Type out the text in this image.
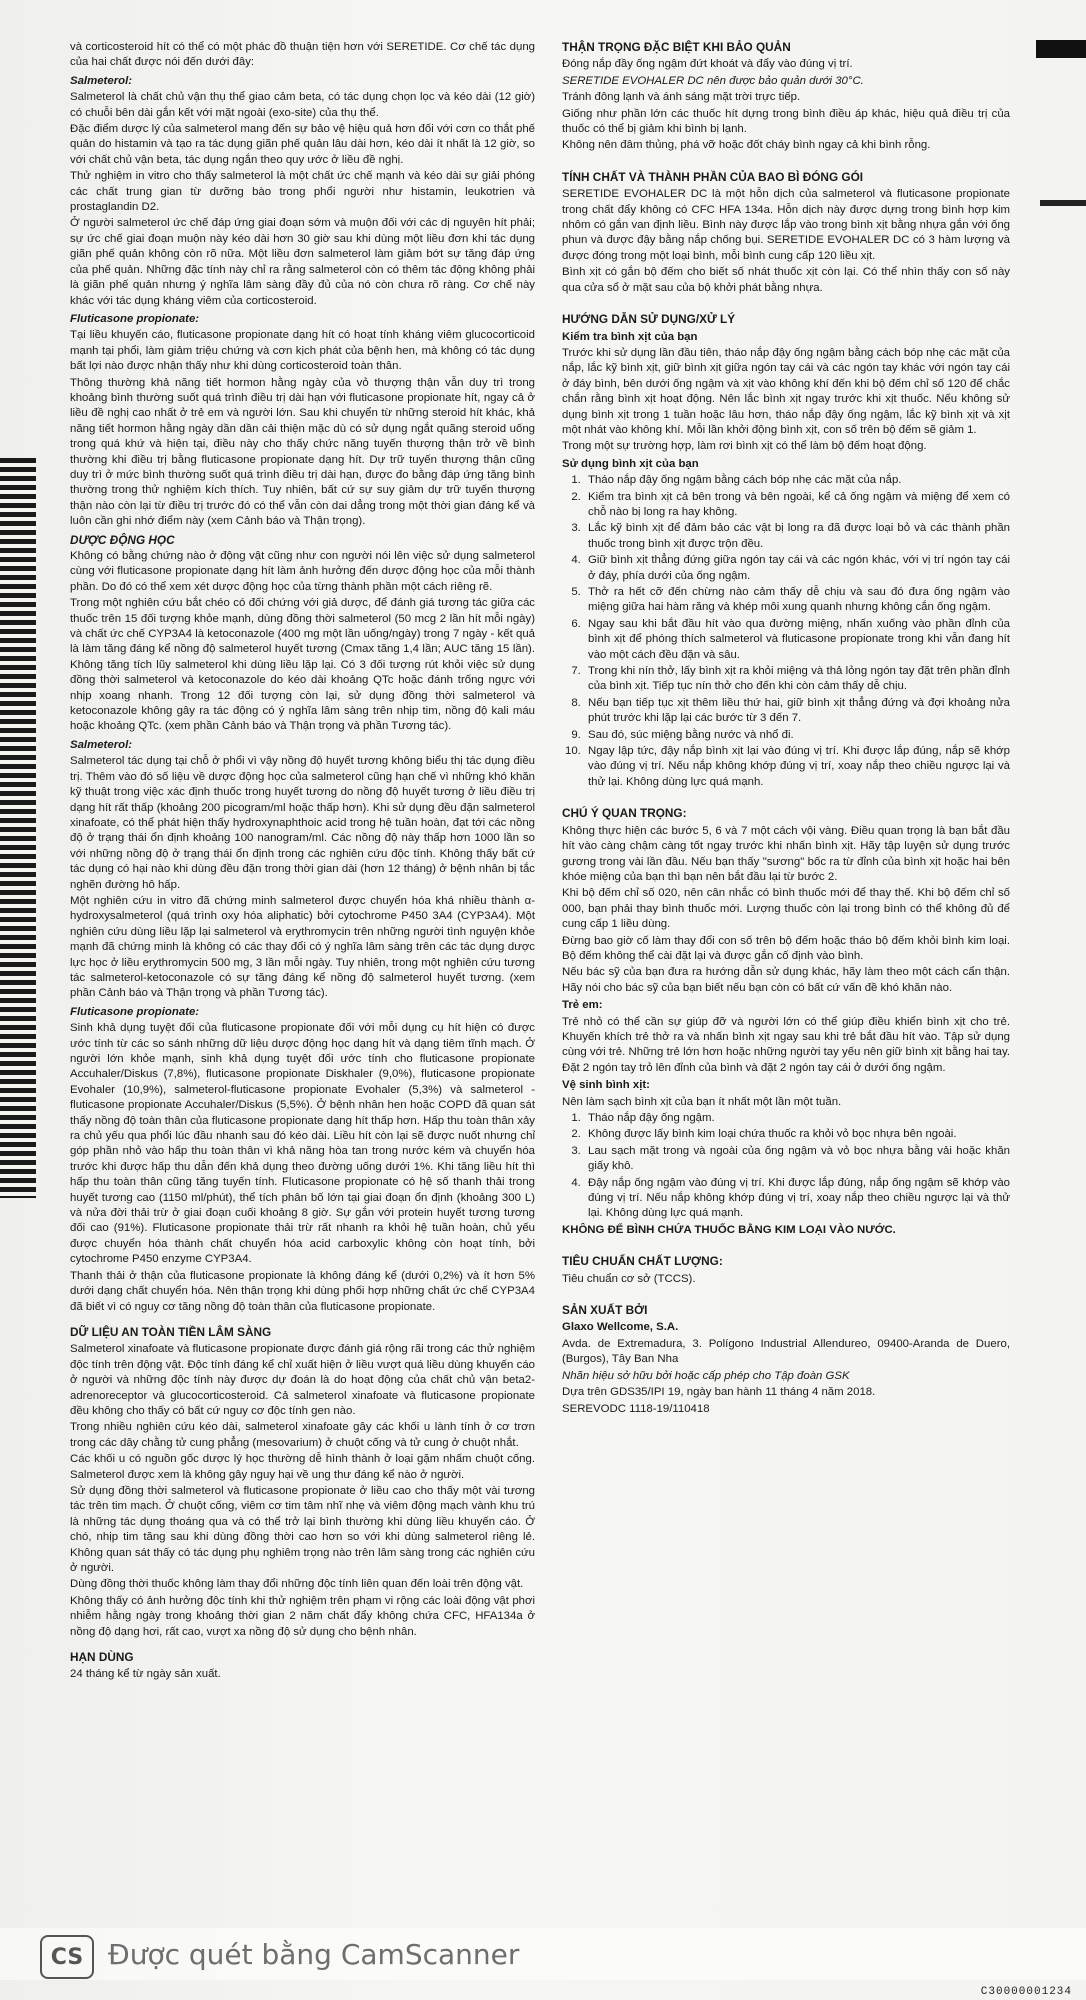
và corticosteroid hít có thể có một phác đồ thuận tiện hơn với SERETIDE. Cơ chế tác dụng của hai chất được nói đến dưới đây:

Salmeterol:

Salmeterol là chất chủ vận thụ thể giao cảm beta, có tác dụng chọn lọc và kéo dài (12 giờ) có chuỗi bên dài gắn kết với mặt ngoài (exo-site) của thụ thể.

Đặc điểm dược lý của salmeterol mang đến sự bảo vệ hiệu quả hơn đối với cơn co thắt phế quản do histamin và tạo ra tác dụng giãn phế quản lâu dài hơn, kéo dài ít nhất là 12 giờ, so với chất chủ vận beta, tác dụng ngắn theo quy ước ở liều đề nghị.

Thử nghiệm in vitro cho thấy salmeterol là một chất ức chế mạnh và kéo dài sự giải phóng các chất trung gian từ dưỡng bào trong phổi người như histamin, leukotrien và prostaglandin D2.

Ở người salmeterol ức chế đáp ứng giai đoạn sớm và muộn đối với các dị nguyên hít phải; sự ức chế giai đoạn muộn này kéo dài hơn 30 giờ sau khi dùng một liều đơn khi tác dụng giãn phế quản không còn rõ nữa. Một liều đơn salmeterol làm giảm bớt sự tăng đáp ứng của phế quản. Những đặc tính này chỉ ra rằng salmeterol còn có thêm tác động không phải là giãn phế quản nhưng ý nghĩa lâm sàng đầy đủ của nó còn chưa rõ ràng. Cơ chế này khác với tác dụng kháng viêm của corticosteroid.

Fluticasone propionate:

Tại liều khuyến cáo, fluticasone propionate dạng hít có hoạt tính kháng viêm glucocorticoid mạnh tại phổi, làm giảm triệu chứng và cơn kịch phát của bệnh hen, mà không có tác dụng bất lợi nào được nhận thấy như khi dùng corticosteroid toàn thân.

Thông thường khả năng tiết hormon hằng ngày của vỏ thượng thận vẫn duy trì trong khoảng bình thường suốt quá trình điều trị dài hạn với fluticasone propionate hít, ngay cả ở liều đề nghị cao nhất ở trẻ em và người lớn. Sau khi chuyển từ những steroid hít khác, khả năng tiết hormon hằng ngày dần dần cải thiện mặc dù có sử dụng ngắt quãng steroid uống trong quá khứ và hiện tại, điều này cho thấy chức năng tuyến thượng thận trở về bình thường khi điều trị bằng fluticasone propionate dạng hít. Dự trữ tuyến thượng thận cũng duy trì ở mức bình thường suốt quá trình điều trị dài hạn, được đo bằng đáp ứng tăng bình thường trong thử nghiệm kích thích. Tuy nhiên, bất cứ sự suy giảm dự trữ tuyến thượng thận nào còn lại từ điều trị trước đó có thể vẫn còn dai dẳng trong một thời gian đáng kể và luôn cần ghi nhớ điểm này (xem Cảnh báo và Thận trọng).

DƯỢC ĐỘNG HỌC

Không có bằng chứng nào ở động vật cũng như con người nói lên việc sử dụng salmeterol cùng với fluticasone propionate dạng hít làm ảnh hưởng đến dược động học của mỗi thành phần. Do đó có thể xem xét dược động học của từng thành phần một cách riêng rẽ.

Trong một nghiên cứu bắt chéo có đối chứng với giả dược, để đánh giá tương tác giữa các thuốc trên 15 đối tượng khỏe mạnh, dùng đồng thời salmeterol (50 mcg 2 lần hít mỗi ngày) và chất ức chế CYP3A4 là ketoconazole (400 mg một lần uống/ngày) trong 7 ngày - kết quả là làm tăng đáng kể nồng độ salmeterol huyết tương (Cmax tăng 1,4 lần; AUC tăng 15 lần). Không tăng tích lũy salmeterol khi dùng liều lặp lại. Có 3 đối tượng rút khỏi việc sử dụng đồng thời salmeterol và ketoconazole do kéo dài khoảng QTc hoặc đánh trống ngực với nhịp xoang nhanh. Trong 12 đối tượng còn lại, sử dụng đồng thời salmeterol và ketoconazole không gây ra tác động có ý nghĩa lâm sàng trên nhịp tim, nồng độ kali máu hoặc khoảng QTc. (xem phần Cảnh báo và Thận trọng và phần Tương tác).

Salmeterol:

Salmeterol tác dụng tại chỗ ở phổi vì vậy nồng độ huyết tương không biểu thị tác dụng điều trị. Thêm vào đó số liệu về dược động học của salmeterol cũng hạn chế vì những khó khăn kỹ thuật trong việc xác định thuốc trong huyết tương do nồng độ huyết tương ở liều điều trị dạng hít rất thấp (khoảng 200 picogram/ml hoặc thấp hơn). Khi sử dụng đều đặn salmeterol xinafoate, có thể phát hiện thấy hydroxynaphthoic acid trong hệ tuần hoàn, đạt tới các nồng độ ở trạng thái ổn định khoảng 100 nanogram/ml. Các nồng độ này thấp hơn 1000 lần so với những nồng độ ở trạng thái ổn định trong các nghiên cứu độc tính. Không thấy bất cứ tác dụng có hại nào khi dùng đều đặn trong thời gian dài (hơn 12 tháng) ở bệnh nhân bị tắc nghẽn đường hô hấp.

Một nghiên cứu in vitro đã chứng minh salmeterol được chuyển hóa khá nhiều thành α-hydroxysalmeterol (quá trình oxy hóa aliphatic) bởi cytochrome P450 3A4 (CYP3A4). Một nghiên cứu dùng liều lặp lại salmeterol và erythromycin trên những người tình nguyện khỏe mạnh đã chứng minh là không có các thay đổi có ý nghĩa lâm sàng trên các tác dụng dược lực học ở liều erythromycin 500 mg, 3 lần mỗi ngày. Tuy nhiên, trong một nghiên cứu tương tác salmeterol-ketoconazole có sự tăng đáng kể nồng độ salmeterol huyết tương. (xem phần Cảnh báo và Thận trọng và phần Tương tác).

Fluticasone propionate:

Sinh khả dụng tuyệt đối của fluticasone propionate đối với mỗi dụng cụ hít hiện có được ước tính từ các so sánh những dữ liệu dược động học dạng hít và dạng tiêm tĩnh mạch. Ở người lớn khỏe mạnh, sinh khả dụng tuyệt đối ước tính cho fluticasone propionate Accuhaler/Diskus (7,8%), fluticasone propionate Diskhaler (9,0%), fluticasone propionate Evohaler (10,9%), salmeterol-fluticasone propionate Evohaler (5,3%) và salmeterol - fluticasone propionate Accuhaler/Diskus (5,5%). Ở bệnh nhân hen hoặc COPD đã quan sát thấy nồng độ toàn thân của fluticasone propionate dạng hít thấp hơn. Hấp thu toàn thân xảy ra chủ yếu qua phổi lúc đầu nhanh sau đó kéo dài. Liều hít còn lại sẽ được nuốt nhưng chỉ góp phần nhỏ vào hấp thu toàn thân vì khả năng hòa tan trong nước kém và chuyển hóa trước khi được hấp thu dẫn đến khả dụng theo đường uống dưới 1%. Khi tăng liều hít thì hấp thu toàn thân cũng tăng tuyến tính. Fluticasone propionate có hệ số thanh thải trong huyết tương cao (1150 ml/phút), thể tích phân bố lớn tại giai đoạn ổn định (khoảng 300 L) và nửa đời thải trừ ở giai đoạn cuối khoảng 8 giờ. Sự gắn với protein huyết tương tương đối cao (91%). Fluticasone propionate thải trừ rất nhanh ra khỏi hệ tuần hoàn, chủ yếu được chuyển hóa thành chất chuyển hóa acid carboxylic không còn hoạt tính, bởi cytochrome P450 enzyme CYP3A4.

Thanh thải ở thận của fluticasone propionate là không đáng kể (dưới 0,2%) và ít hơn 5% dưới dạng chất chuyển hóa. Nên thận trọng khi dùng phối hợp những chất ức chế CYP3A4 đã biết vì có nguy cơ tăng nồng độ toàn thân của fluticasone propionate.

DỮ LIỆU AN TOÀN TIỀN LÂM SÀNG

Salmeterol xinafoate và fluticasone propionate được đánh giá rộng rãi trong các thử nghiệm độc tính trên động vật. Độc tính đáng kể chỉ xuất hiện ở liều vượt quá liều dùng khuyến cáo ở người và những độc tính này được dự đoán là do hoạt động của chất chủ vận beta2-adrenoreceptor và glucocorticosteroid. Cả salmeterol xinafoate và fluticasone propionate đều không cho thấy có bất cứ nguy cơ độc tính gen nào.

Trong nhiều nghiên cứu kéo dài, salmeterol xinafoate gây các khối u lành tính ở cơ trơn trong các dây chằng tử cung phẳng (mesovarium) ở chuột cống và tử cung ở chuột nhắt.

Các khối u có nguồn gốc dược lý học thường dễ hình thành ở loại gặm nhấm chuột cống. Salmeterol được xem là không gây nguy hại về ung thư đáng kể nào ở người.

Sử dụng đồng thời salmeterol và fluticasone propionate ở liều cao cho thấy một vài tương tác trên tim mạch. Ở chuột cống, viêm cơ tim tâm nhĩ nhẹ và viêm động mạch vành khu trú là những tác dụng thoáng qua và có thể trở lại bình thường khi dùng liều khuyến cáo. Ở chó, nhịp tim tăng sau khi dùng đồng thời cao hơn so với khi dùng salmeterol riêng lẻ. Không quan sát thấy có tác dụng phụ nghiêm trọng nào trên lâm sàng trong các nghiên cứu ở người.

Dùng đồng thời thuốc không làm thay đổi những độc tính liên quan đến loài trên động vật.

Không thấy có ảnh hưởng độc tính khi thử nghiệm trên phạm vi rộng các loài động vật phơi nhiễm hằng ngày trong khoảng thời gian 2 năm chất đẩy không chứa CFC, HFA134a ở nồng độ dạng hơi, rất cao, vượt xa nồng độ sử dụng cho bệnh nhân.

HẠN DÙNG

24 tháng kể từ ngày sản xuất.

THẬN TRỌNG ĐẶC BIỆT KHI BẢO QUẢN

Đóng nắp đầy ống ngậm đứt khoát và đẩy vào đúng vị trí.

SERETIDE EVOHALER DC nên được bảo quản dưới 30°C.

Tránh đông lạnh và ánh sáng mặt trời trực tiếp.

Giống như phần lớn các thuốc hít dựng trong bình điều áp khác, hiệu quả điều trị của thuốc có thể bị giảm khi bình bị lạnh.

Không nên đâm thủng, phá vỡ hoặc đốt cháy bình ngay cả khi bình rỗng.

TÍNH CHẤT VÀ THÀNH PHẦN CỦA BAO BÌ ĐÓNG GÓI

SERETIDE EVOHALER DC là một hỗn dịch của salmeterol và fluticasone propionate trong chất đẩy không có CFC HFA 134a. Hỗn dịch này được dựng trong bình hợp kim nhôm có gắn van định liều. Bình này được lắp vào trong bình xịt bằng nhựa gắn với ống phun và được đậy bằng nắp chống bụi. SERETIDE EVOHALER DC có 3 hàm lượng và được đóng trong một loại bình, mỗi bình cung cấp 120 liều xịt.

Bình xịt có gắn bộ đếm cho biết số nhát thuốc xịt còn lại. Có thể nhìn thấy con số này qua cửa sổ ở mặt sau của bộ khởi phát bằng nhựa.

HƯỚNG DẪN SỬ DỤNG/XỬ LÝ
Kiểm tra bình xịt của bạn

Trước khi sử dụng lần đầu tiên, tháo nắp đậy ống ngậm bằng cách bóp nhẹ các mặt của nắp, lắc kỹ bình xịt, giữ bình xịt giữa ngón tay cái và các ngón tay khác với ngón tay cái ở đáy bình, bên dưới ống ngậm và xịt vào không khí đến khi bộ đếm chỉ số 120 để chắc chắn rằng bình xịt hoạt động. Nên lắc bình xịt ngay trước khi xịt thuốc. Nếu không sử dụng bình xịt trong 1 tuần hoặc lâu hơn, tháo nắp đậy ống ngậm, lắc kỹ bình xịt và xịt một nhát vào không khí. Mỗi lần khởi động bình xịt, con số trên bộ đếm sẽ giảm 1.

Trong một sự trường hợp, làm rơi bình xịt có thể làm bộ đếm hoạt động.

Sử dụng bình xịt của bạn
1. Tháo nắp đậy ống ngậm bằng cách bóp nhẹ các mặt của nắp.
2. Kiểm tra bình xịt cả bên trong và bên ngoài, kể cả ống ngậm và miệng để xem có chỗ nào bị long ra hay không.
3. Lắc kỹ bình xịt để đảm bảo các vật bị long ra đã được loại bỏ và các thành phần thuốc trong bình xịt được trộn đều.
4. Giữ bình xịt thẳng đứng giữa ngón tay cái và các ngón khác, với vị trí ngón tay cái ở đáy, phía dưới của ống ngậm.
5. Thở ra hết cỡ đến chừng nào cảm thấy dễ chịu và sau đó đưa ống ngậm vào miệng giữa hai hàm răng và khép môi xung quanh nhưng không cắn ống ngậm.
6. Ngay sau khi bắt đầu hít vào qua đường miệng, nhấn xuống vào phần đỉnh của bình xịt để phóng thích salmeterol và fluticasone propionate trong khi vẫn đang hít vào một cách đều đặn và sâu.
7. Trong khi nín thở, lấy bình xịt ra khỏi miệng và thả lỏng ngón tay đặt trên phần đỉnh của bình xịt. Tiếp tục nín thở cho đến khi còn cảm thấy dễ chịu.
8. Nếu bạn tiếp tục xịt thêm liều thứ hai, giữ bình xịt thẳng đứng và đợi khoảng nửa phút trước khi lặp lại các bước từ 3 đến 7.
9. Sau đó, súc miệng bằng nước và nhổ đi.
10. Ngay lập tức, đậy nắp bình xịt lại vào đúng vị trí. Khi được lắp đúng, nắp sẽ khớp vào đúng vị trí. Nếu nắp không khớp đúng vị trí, xoay nắp theo chiều ngược lại và thử lại. Không dùng lực quá mạnh.
CHÚ Ý QUAN TRỌNG:

Không thực hiện các bước 5, 6 và 7 một cách vội vàng. Điều quan trọng là bạn bắt đầu hít vào càng chậm càng tốt ngay trước khi nhấn bình xịt. Hãy tập luyện sử dụng trước gương trong vài lần đầu. Nếu bạn thấy "sương" bốc ra từ đỉnh của bình xịt hoặc hai bên khóe miệng của bạn thì bạn nên bắt đầu lại từ bước 2.

Khi bộ đếm chỉ số 020, nên cân nhắc có bình thuốc mới để thay thế. Khi bộ đếm chỉ số 000, bạn phải thay bình thuốc mới. Lượng thuốc còn lại trong bình có thể không đủ để cung cấp 1 liều dùng.

Đừng bao giờ cố làm thay đổi con số trên bộ đếm hoặc tháo bộ đếm khỏi bình kim loại. Bộ đếm không thể cài đặt lại và được gắn cố định vào bình.

Nếu bác sỹ của bạn đưa ra hướng dẫn sử dụng khác, hãy làm theo một cách cẩn thận. Hãy nói cho bác sỹ của bạn biết nếu bạn còn có bất cứ vấn đề khó khăn nào.

Trẻ em:

Trẻ nhỏ có thể cần sự giúp đỡ và người lớn có thể giúp điều khiển bình xịt cho trẻ. Khuyến khích trẻ thở ra và nhấn bình xịt ngay sau khi trẻ bắt đầu hít vào. Tập sử dụng cùng với trẻ. Những trẻ lớn hơn hoặc những người tay yếu nên giữ bình xịt bằng hai tay. Đặt 2 ngón tay trỏ lên đỉnh của bình và đặt 2 ngón tay cái ở dưới ống ngậm.

Vệ sinh bình xịt:

Nên làm sạch bình xịt của bạn ít nhất một lần một tuần.

1. Tháo nắp đậy ống ngậm.
2. Không được lấy bình kim loại chứa thuốc ra khỏi vỏ bọc nhựa bên ngoài.
3. Lau sạch mặt trong và ngoài của ống ngậm và vỏ bọc nhựa bằng vải hoặc khăn giấy khô.
4. Đậy nắp ống ngậm vào đúng vị trí. Khi được lắp đúng, nắp ống ngậm sẽ khớp vào đúng vị trí. Nếu nắp không khớp đúng vị trí, xoay nắp theo chiều ngược lại và thử lại. Không dùng lực quá mạnh.

KHÔNG ĐỂ BÌNH CHỨA THUỐC BẰNG KIM LOẠI VÀO NƯỚC.

TIÊU CHUẨN CHẤT LƯỢNG:

Tiêu chuẩn cơ sở (TCCS).

SẢN XUẤT BỞI

Glaxo Wellcome, S.A.

Avda. de Extremadura, 3. Polígono Industrial Allendureo, 09400-Aranda de Duero, (Burgos), Tây Ban Nha

Nhãn hiệu sở hữu bởi hoặc cấp phép cho Tập đoàn GSK

Dựa trên GDS35/IPI 19, ngày ban hành 11 tháng 4 năm 2018.

SEREVODC 1118-19/110418

CS Được quét bằng CamScanner
C30000001234
